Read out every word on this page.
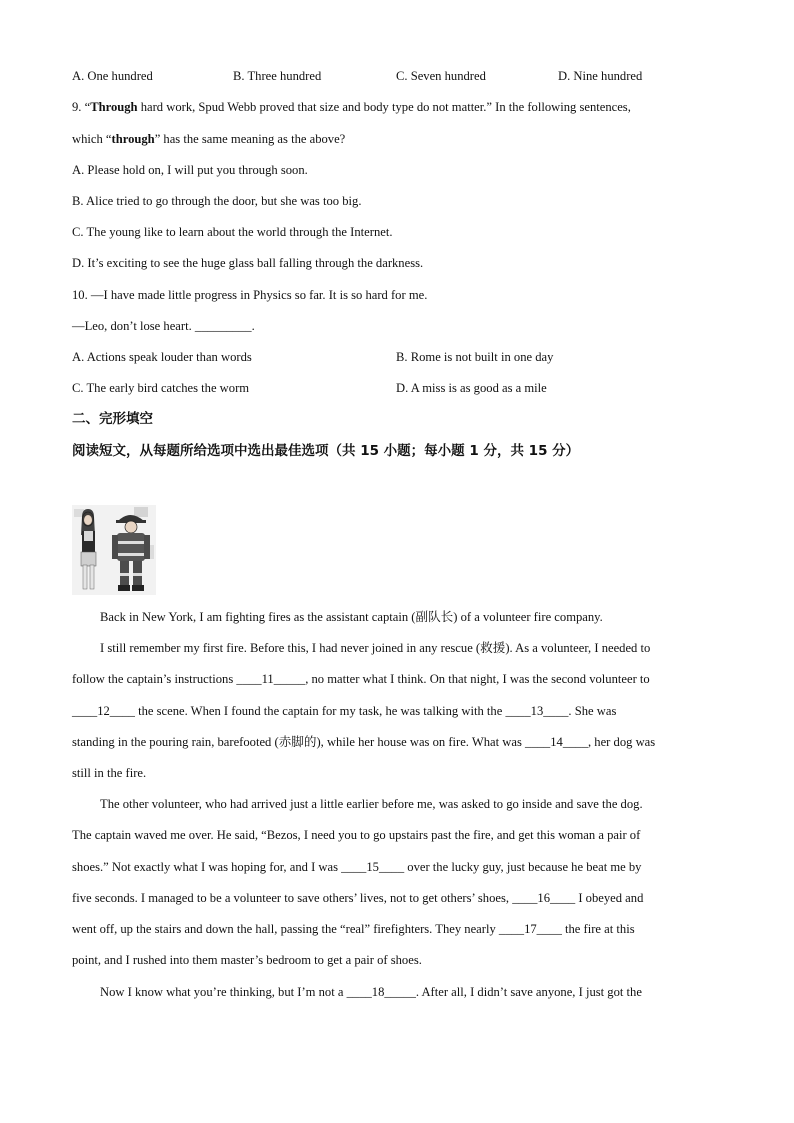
A. One hundred	B. Three hundred	C. Seven hundred	D. Nine hundred
9. “Through hard work, Spud Webb proved that size and body type do not matter.” In the following sentences,
which “through” has the same meaning as the above?
A. Please hold on, I will put you through soon.
B. Alice tried to go through the door, but she was too big.
C. The young like to learn about the world through the Internet.
D. It’s exciting to see the huge glass ball falling through the darkness.
10. —I have made little progress in Physics so far. It is so hard for me.
—Leo, don’t lose heart. _________.
A. Actions speak louder than words	B. Rome is not built in one day
C. The early bird catches the worm	D. A miss is as good as a mile
二、完形填空
阅读短文，从每题所给选项中选出最佳选项（共 15 小题；每小题 1 分，共 15 分）
Back in New York, I am fighting fires as the assistant captain (副队长) of a volunteer fire company.
I still remember my first fire. Before this, I had never joined in any rescue (救援). As a volunteer, I needed to
follow the captain’s instructions ____11_____, no matter what I think. On that night, I was the second volunteer to
____12____ the scene. When I found the captain for my task, he was talking with the ____13____. She was
standing in the pouring rain, barefooted (赤脚的), while her house was on fire. What was ____14____, her dog was
still in the fire.
The other volunteer, who had arrived just a little earlier before me, was asked to go inside and save the dog.
The captain waved me over. He said, “Bezos, I need you to go upstairs past the fire, and get this woman a pair of
shoes.” Not exactly what I was hoping for, and I was ____15____ over the lucky guy, just because he beat me by
five seconds. I managed to be a volunteer to save others’ lives, not to get others’ shoes, ____16____ I obeyed and
went off, up the stairs and down the hall, passing the “real” firefighters. They nearly ____17____ the fire at this
point, and I rushed into them master’s bedroom to get a pair of shoes.
Now I know what you’re thinking, but I’m not a ____18_____. After all, I didn’t save anyone, I just got the
